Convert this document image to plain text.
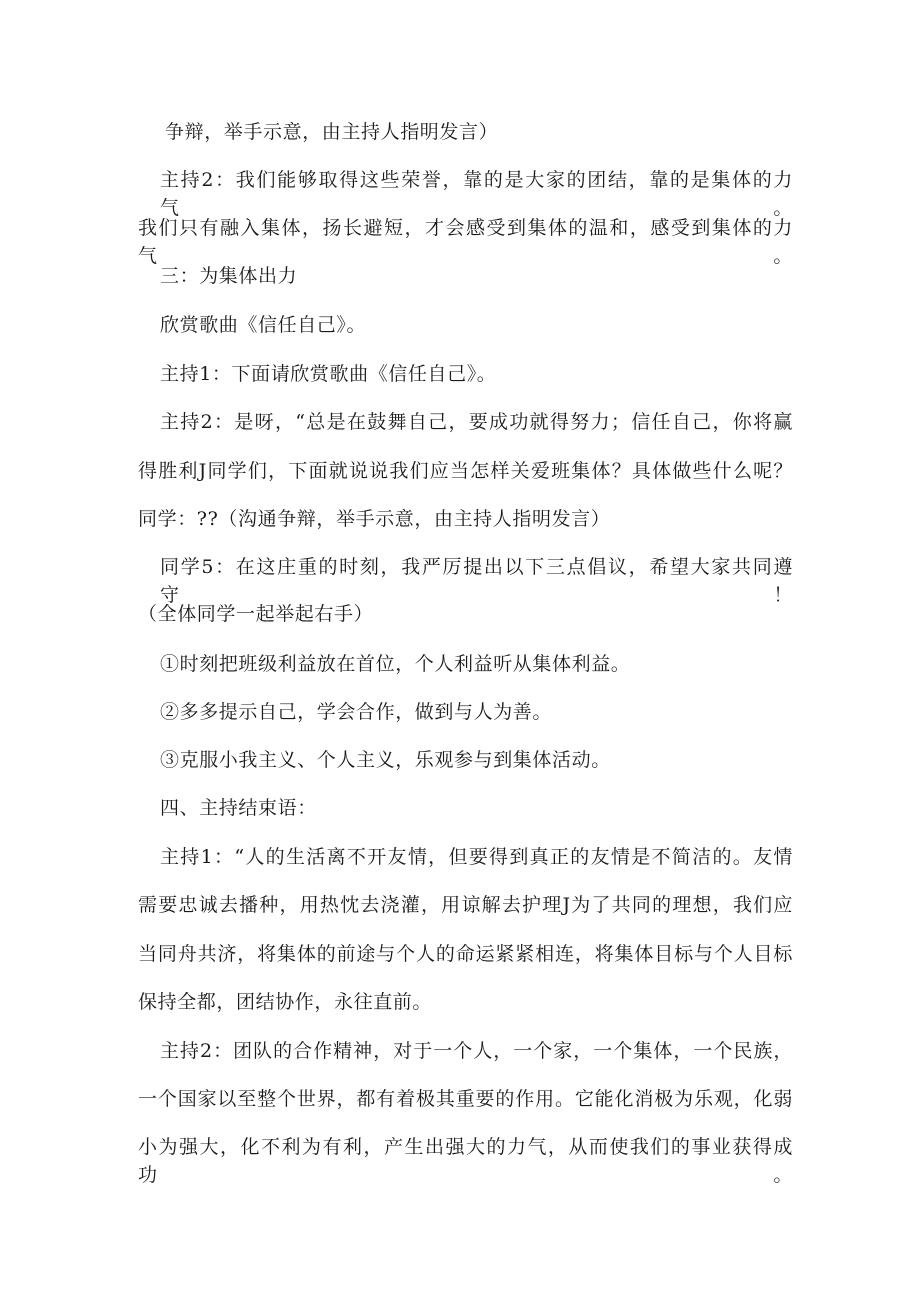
争辩，举手示意，由主持人指明发言）
主持2：我们能够取得这些荣誉，靠的是大家的团结，靠的是集体的力气。
我们只有融入集体，扬长避短，才会感受到集体的温和，感受到集体的力气。
三：为集体出力
欣赏歌曲《信任自己》。
主持1：下面请欣赏歌曲《信任自己》。
主持2：是呀，“总是在鼓舞自己，要成功就得努力；信任自己，你将赢
得胜利J同学们，下面就说说我们应当怎样关爱班集体？具体做些什么呢？
同学：??（沟通争辩，举手示意，由主持人指明发言）
同学5：在这庄重的时刻，我严厉提出以下三点倡议，希望大家共同遵守！
（全体同学一起举起右手）
①时刻把班级利益放在首位，个人利益听从集体利益。
②多多提示自己，学会合作，做到与人为善。
③克服小我主义、个人主义，乐观参与到集体活动。
四、主持结束语：
主持1：“人的生活离不开友情，但要得到真正的友情是不简洁的。友情
需要忠诚去播种，用热忱去浇灌，用谅解去护理J为了共同的理想，我们应
当同舟共济，将集体的前途与个人的命运紧紧相连，将集体目标与个人目标
保持全都，团结协作，永往直前。
主持2：团队的合作精神，对于一个人，一个家，一个集体，一个民族，
一个国家以至整个世界，都有着极其重要的作用。它能化消极为乐观，化弱
小为强大，化不利为有利，产生出强大的力气，从而使我们的事业获得成功。
